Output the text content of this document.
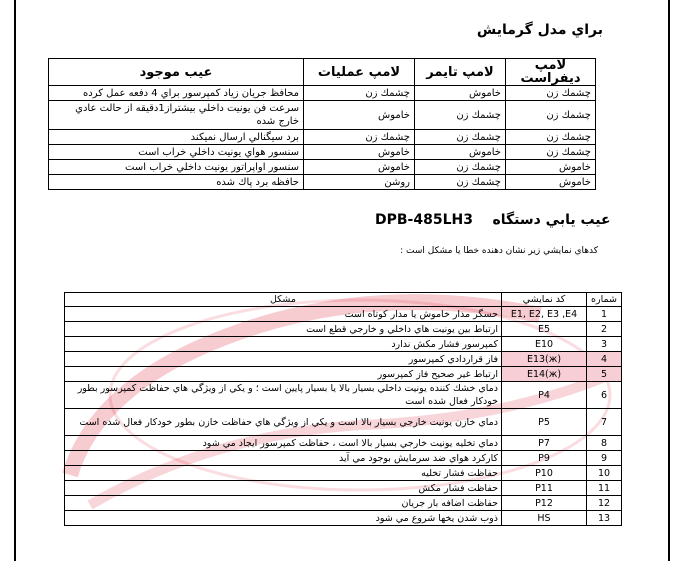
براي مدل گرمايش
عيب موجود	لامپ عمليات	لامپ تايمر	لامپ ديفراست
محافظ جريان زياد كمپرسور براي 4 دفعه عمل كرده	چشمك زن	خاموش	چشمك زن
سرعت فن يونيت داخلي بيشتراز1دقيقه از حالت عادي خارج شده	خاموش	چشمك زن	چشمك زن
برد سيگنالي ارسال نميكند	چشمك زن	چشمك زن	چشمك زن
سنسور هواي يونيت داخلي خراب است	خاموش	خاموش	چشمك زن
سنسور اواپراتور يونيت داخلي خراب است	خاموش	چشمك زن	خاموش
حافظه برد پاك شده	روشن	چشمك زن	خاموش
DPB-485LH3 عيب يابي دستگاه
كدهاي نمايشي زير نشان دهنده خطا يا مشكل است :
مشكل	كد نمايشي	شماره
حسگر مدار خاموش يا مدار كوتاه است	E1, E2, E3 ,E4	1
ارتباط بين يونيت هاي داخلي و خارجي قطع است	E5	2
كمپرسور فشار مكش ندارد	E10	3
فاز قراردادي كمپرسور	E13(ж)	4
ارتباط غير صحيح فاز كمپرسور	E14(ж)	5
دماي خشك كننده يونيت داخلي بسيار بالا يا بسيار پايين است ؛ و يكي از ويژگي هاي حفاظت كمپرسور بطور خودكار فعال شده است	P4	6
دماي خازن يونيت خارجي بسيار بالا است و يكي از ويژگي هاي حفاظت خازن بطور خودكار فعال شده است	P5	7
دماي تخليه يونيت خارجي بسيار بالا است ، حفاظت كمپرسور ايجاد مي شود	P7	8
كاركرد هواي ضد سرمايش بوجود مي آيد	P9	9
حفاظت فشار تخليه	P10	10
حفاظت فشار مكش	P11	11
حفاظت اضافه بار جريان	P12	12
ذوب شدن يخها شروع مي شود	HS	13
